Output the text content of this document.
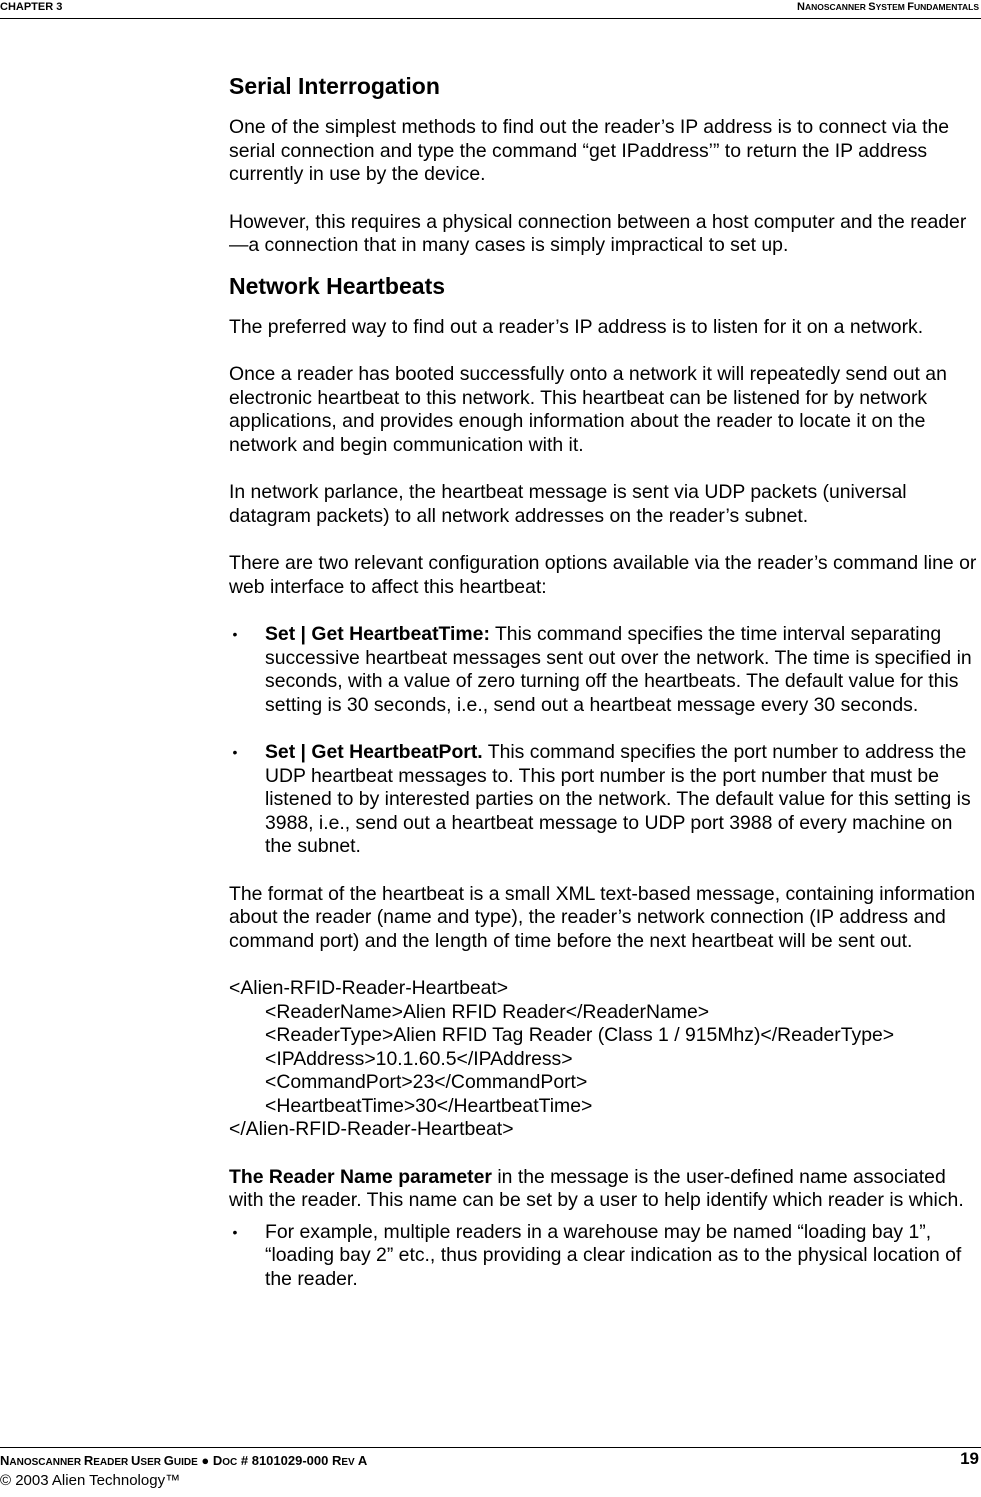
CHAPTER 3	NANOSCANNER SYSTEM FUNDAMENTALS
Serial Interrogation

One of the simplest methods to find out the reader’s IP address is to connect via the serial connection and type the command “get IPaddress’” to return the IP address currently in use by the device.

However, this requires a physical connection between a host computer and the reader—a connection that in many cases is simply impractical to set up.

Network Heartbeats

The preferred way to find out a reader’s IP address is to listen for it on a network.

Once a reader has booted successfully onto a network it will repeatedly send out an electronic heartbeat to this network. This heartbeat can be listened for by network applications, and provides enough information about the reader to locate it on the network and begin communication with it.

In network parlance, the heartbeat message is sent via UDP packets (universal datagram packets) to all network addresses on the reader’s subnet.

There are two relevant configuration options available via the reader’s command line or web interface to affect this heartbeat:

• Set | Get HeartbeatTime: This command specifies the time interval separating successive heartbeat messages sent out over the network. The time is specified in seconds, with a value of zero turning off the heartbeats. The default value for this setting is 30 seconds, i.e., send out a heartbeat message every 30 seconds.
• Set | Get HeartbeatPort. This command specifies the port number to address the UDP heartbeat messages to. This port number is the port number that must be listened to by interested parties on the network. The default value for this setting is 3988, i.e., send out a heartbeat message to UDP port 3988 of every machine on the subnet.

The format of the heartbeat is a small XML text-based message, containing information about the reader (name and type), the reader’s network connection (IP address and command port) and the length of time before the next heartbeat will be sent out.

<Alien-RFID-Reader-Heartbeat>
<ReaderName>Alien RFID Reader</ReaderName>
<ReaderType>Alien RFID Tag Reader (Class 1 / 915Mhz)</ReaderType>
<IPAddress>10.1.60.5</IPAddress>
<CommandPort>23</CommandPort>
<HeartbeatTime>30</HeartbeatTime>
</Alien-RFID-Reader-Heartbeat>

The Reader Name parameter in the message is the user-defined name associated with the reader. This name can be set by a user to help identify which reader is which.

• For example, multiple readers in a warehouse may be named “loading bay 1”, “loading bay 2” etc., thus providing a clear indication as to the physical location of the reader.
NANOSCANNER READER USER GUIDE ● DOC # 8101029-000 REV A	19
© 2003 Alien Technology™
